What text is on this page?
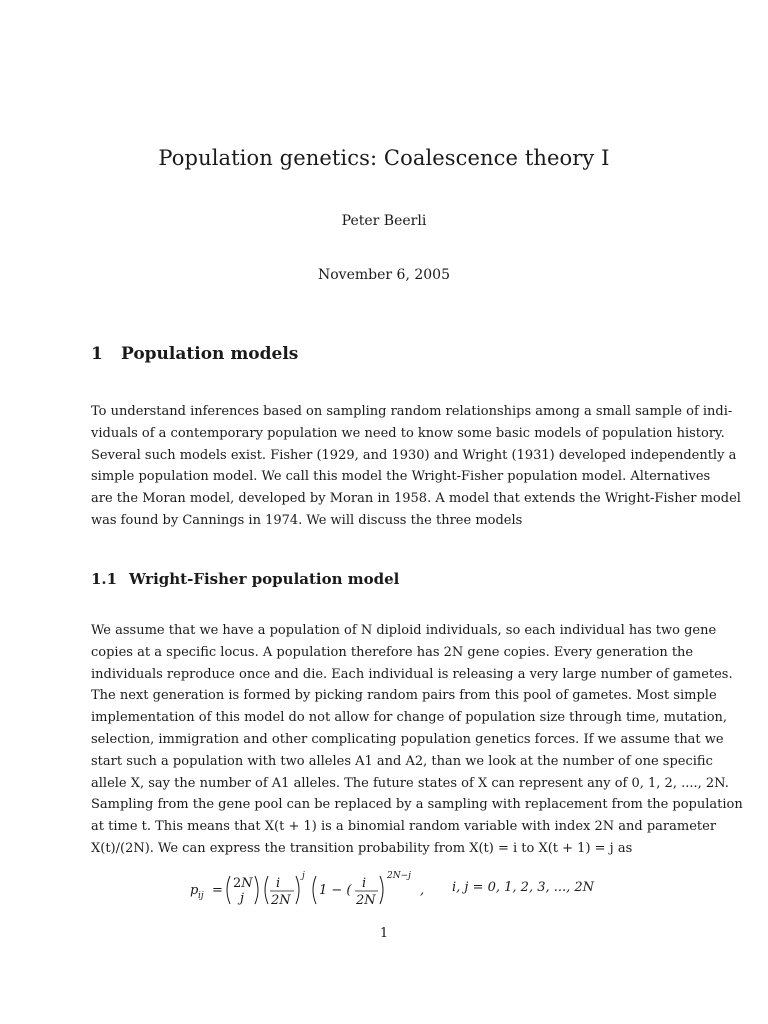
Population genetics: Coalescence theory I
Peter Beerli
November 6, 2005
1 Population models
To understand inferences based on sampling random relationships among a small sample of indi-
viduals of a contemporary population we need to know some basic models of population history.
Several such models exist. Fisher (1929, and 1930) and Wright (1931) developed independently a
simple population model. We call this model the Wright-Fisher population model. Alternatives
are the Moran model, developed by Moran in 1958. A model that extends the Wright-Fisher model
was found by Cannings in 1974. We will discuss the three models
1.1 Wright-Fisher population model
We assume that we have a population of N diploid individuals, so each individual has two gene
copies at a specific locus. A population therefore has 2N gene copies. Every generation the
individuals reproduce once and die. Each individual is releasing a very large number of gametes.
The next generation is formed by picking random pairs from this pool of gametes. Most simple
implementation of this model do not allow for change of population size through time, mutation,
selection, immigration and other complicating population genetics forces. If we assume that we
start such a population with two alleles A1 and A2, than we look at the number of one specific
allele X, say the number of A1 alleles. The future states of X can represent any of 0, 1, 2, ...., 2N.
Sampling from the gene pool can be replaced by a sampling with replacement from the population
at time t. This means that X(t + 1) is a binomial random variable with index 2N and parameter
X(t)/(2N). We can express the transition probability from X(t) = i to X(t + 1) = j as
p ij = 2N
j
i
2N
j
1 − ( i
2N
2N−j
, i, j = 0, 1, 2, 3, ..., 2N
1
